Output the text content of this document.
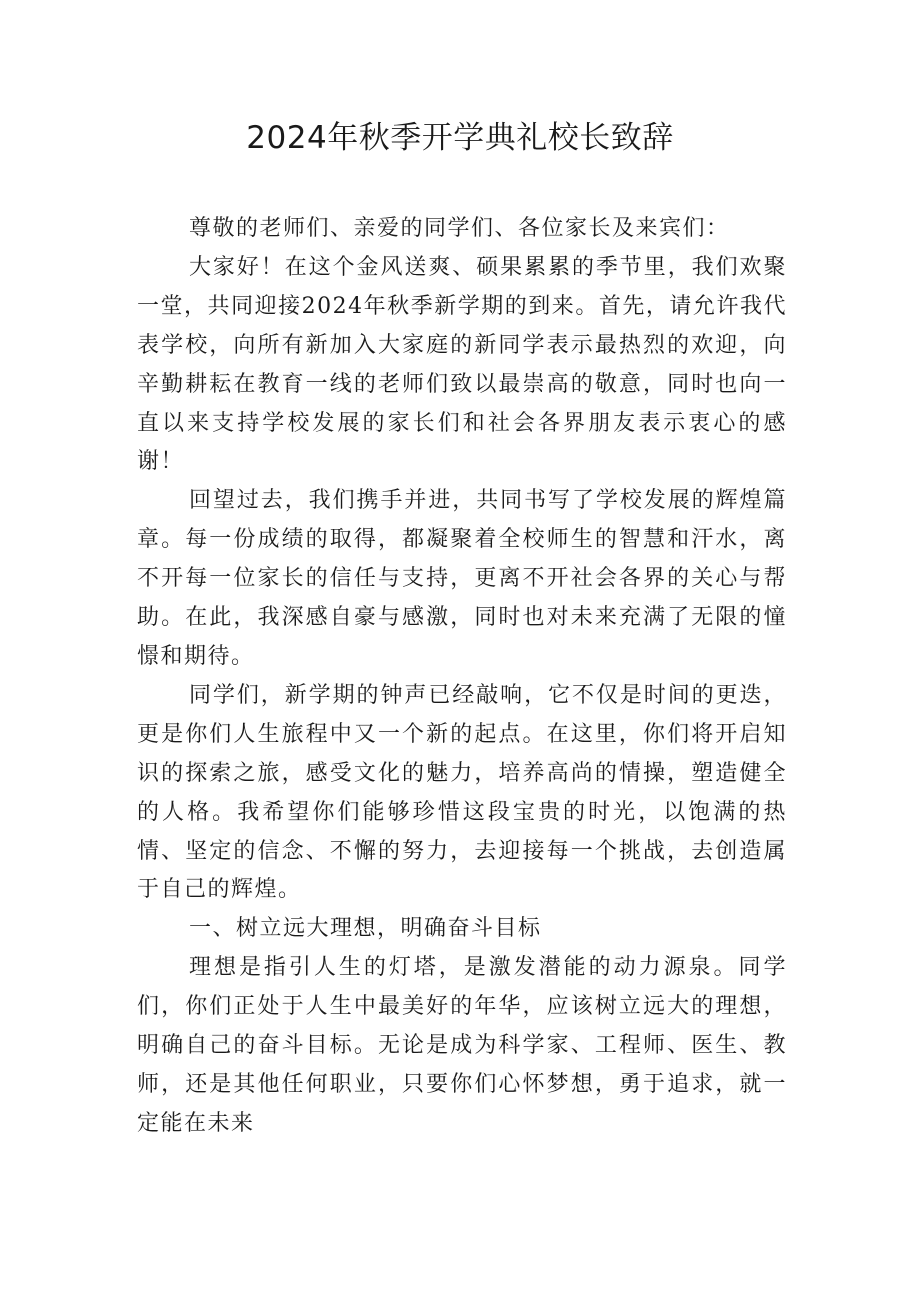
2024年秋季开学典礼校长致辞

尊敬的老师们、亲爱的同学们、各位家长及来宾们：

大家好！在这个金风送爽、硕果累累的季节里，我们欢聚一堂，共同迎接2024年秋季新学期的到来。首先，请允许我代表学校，向所有新加入大家庭的新同学表示最热烈的欢迎，向辛勤耕耘在教育一线的老师们致以最崇高的敬意，同时也向一直以来支持学校发展的家长们和社会各界朋友表示衷心的感谢！

回望过去，我们携手并进，共同书写了学校发展的辉煌篇章。每一份成绩的取得，都凝聚着全校师生的智慧和汗水，离不开每一位家长的信任与支持，更离不开社会各界的关心与帮助。在此，我深感自豪与感激，同时也对未来充满了无限的憧憬和期待。

同学们，新学期的钟声已经敲响，它不仅是时间的更迭，更是你们人生旅程中又一个新的起点。在这里，你们将开启知识的探索之旅，感受文化的魅力，培养高尚的情操，塑造健全的人格。我希望你们能够珍惜这段宝贵的时光，以饱满的热情、坚定的信念、不懈的努力，去迎接每一个挑战，去创造属于自己的辉煌。

一、树立远大理想，明确奋斗目标

理想是指引人生的灯塔，是激发潜能的动力源泉。同学们，你们正处于人生中最美好的年华，应该树立远大的理想，明确自己的奋斗目标。无论是成为科学家、工程师、医生、教师，还是其他任何职业，只要你们心怀梦想，勇于追求，就一定能在未来
